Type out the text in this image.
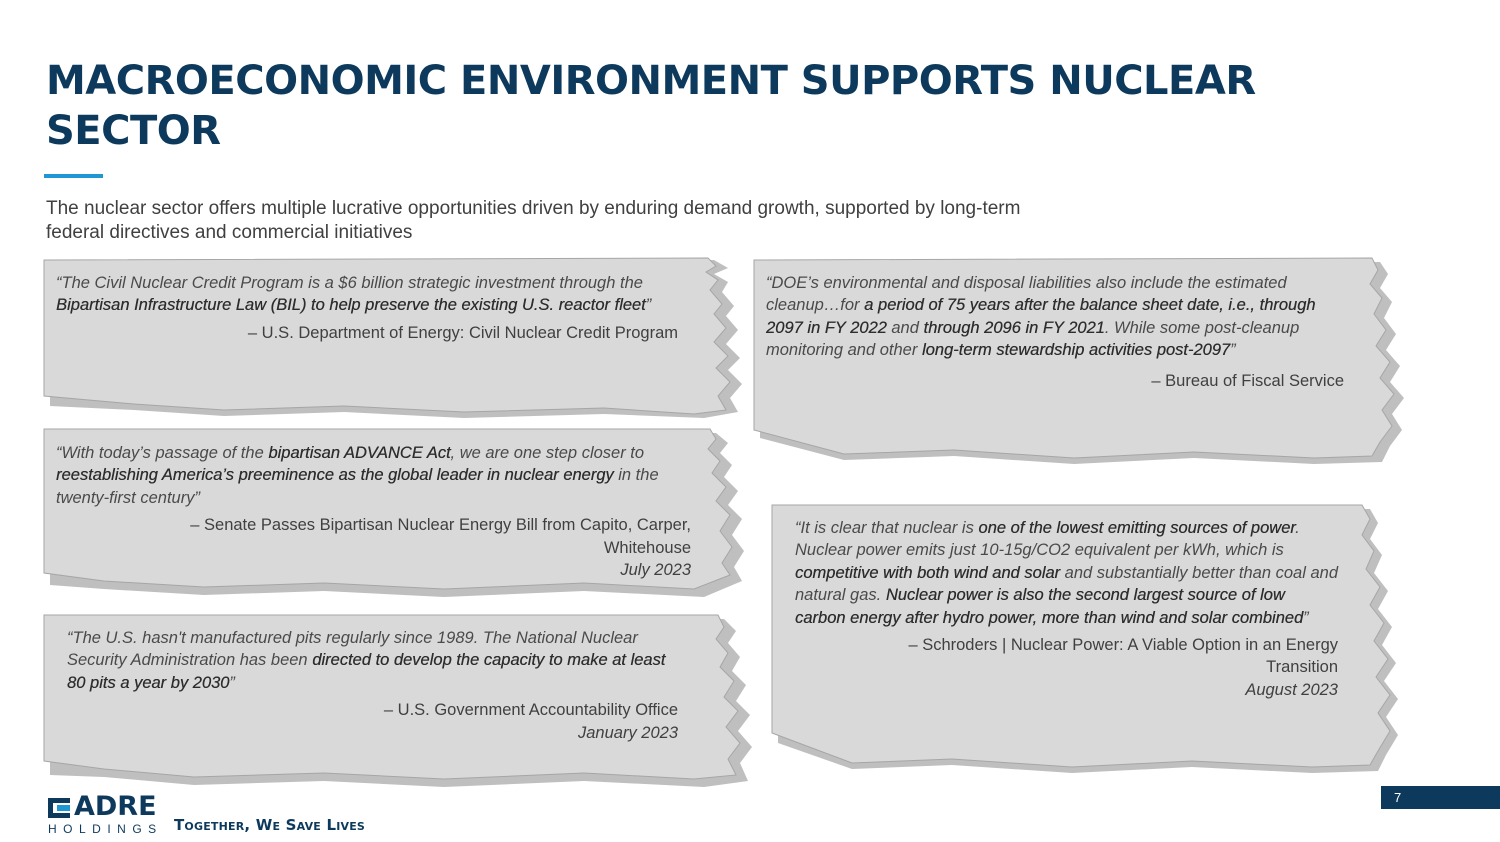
MACROECONOMIC ENVIRONMENT SUPPORTS NUCLEAR SECTOR
The nuclear sector offers multiple lucrative opportunities driven by enduring demand growth, supported by long-term federal directives and commercial initiatives
“The Civil Nuclear Credit Program is a $6 billion strategic investment through the Bipartisan Infrastructure Law (BIL) to help preserve the existing U.S. reactor fleet”
– U.S. Department of Energy: Civil Nuclear Credit Program
“With today’s passage of the bipartisan ADVANCE Act, we are one step closer to reestablishing America’s preeminence as the global leader in nuclear energy in the twenty-first century”
– Senate Passes Bipartisan Nuclear Energy Bill from Capito, Carper, Whitehouse
July 2023
“The U.S. hasn't manufactured pits regularly since 1989. The National Nuclear Security Administration has been directed to develop the capacity to make at least 80 pits a year by 2030”
– U.S. Government Accountability Office
January 2023
“DOE’s environmental and disposal liabilities also include the estimated cleanup…for a period of 75 years after the balance sheet date, i.e., through 2097 in FY 2022 and through 2096 in FY 2021. While some post-cleanup monitoring and other long-term stewardship activities post-2097”
– Bureau of Fiscal Service
“It is clear that nuclear is one of the lowest emitting sources of power. Nuclear power emits just 10-15g/CO2 equivalent per kWh, which is competitive with both wind and solar and substantially better than coal and natural gas. Nuclear power is also the second largest source of low carbon energy after hydro power, more than wind and solar combined”
– Schroders | Nuclear Power: A Viable Option in an Energy Transition
August 2023
ADRE
HOLDINGS Together, We Save Lives
7
